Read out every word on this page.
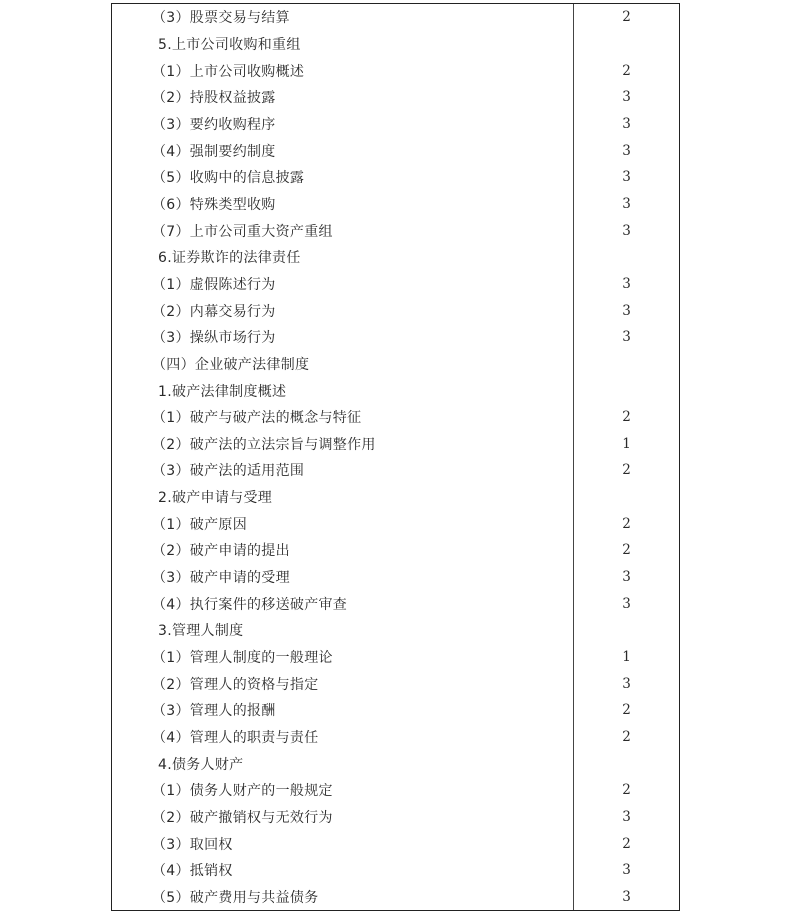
（3）股票交易与结算	2
5.上市公司收购和重组
（1）上市公司收购概述	2
（2）持股权益披露	3
（3）要约收购程序	3
（4）强制要约制度	3
（5）收购中的信息披露	3
（6）特殊类型收购	3
（7）上市公司重大资产重组	3
6.证券欺诈的法律责任
（1）虚假陈述行为	3
（2）内幕交易行为	3
（3）操纵市场行为	3
（四）企业破产法律制度
1.破产法律制度概述
（1）破产与破产法的概念与特征	2
（2）破产法的立法宗旨与调整作用	1
（3）破产法的适用范围	2
2.破产申请与受理
（1）破产原因	2
（2）破产申请的提出	2
（3）破产申请的受理	3
（4）执行案件的移送破产审查	3
3.管理人制度
（1）管理人制度的一般理论	1
（2）管理人的资格与指定	3
（3）管理人的报酬	2
（4）管理人的职责与责任	2
4.债务人财产
（1）债务人财产的一般规定	2
（2）破产撤销权与无效行为	3
（3）取回权	2
（4）抵销权	3
（5）破产费用与共益债务	3
